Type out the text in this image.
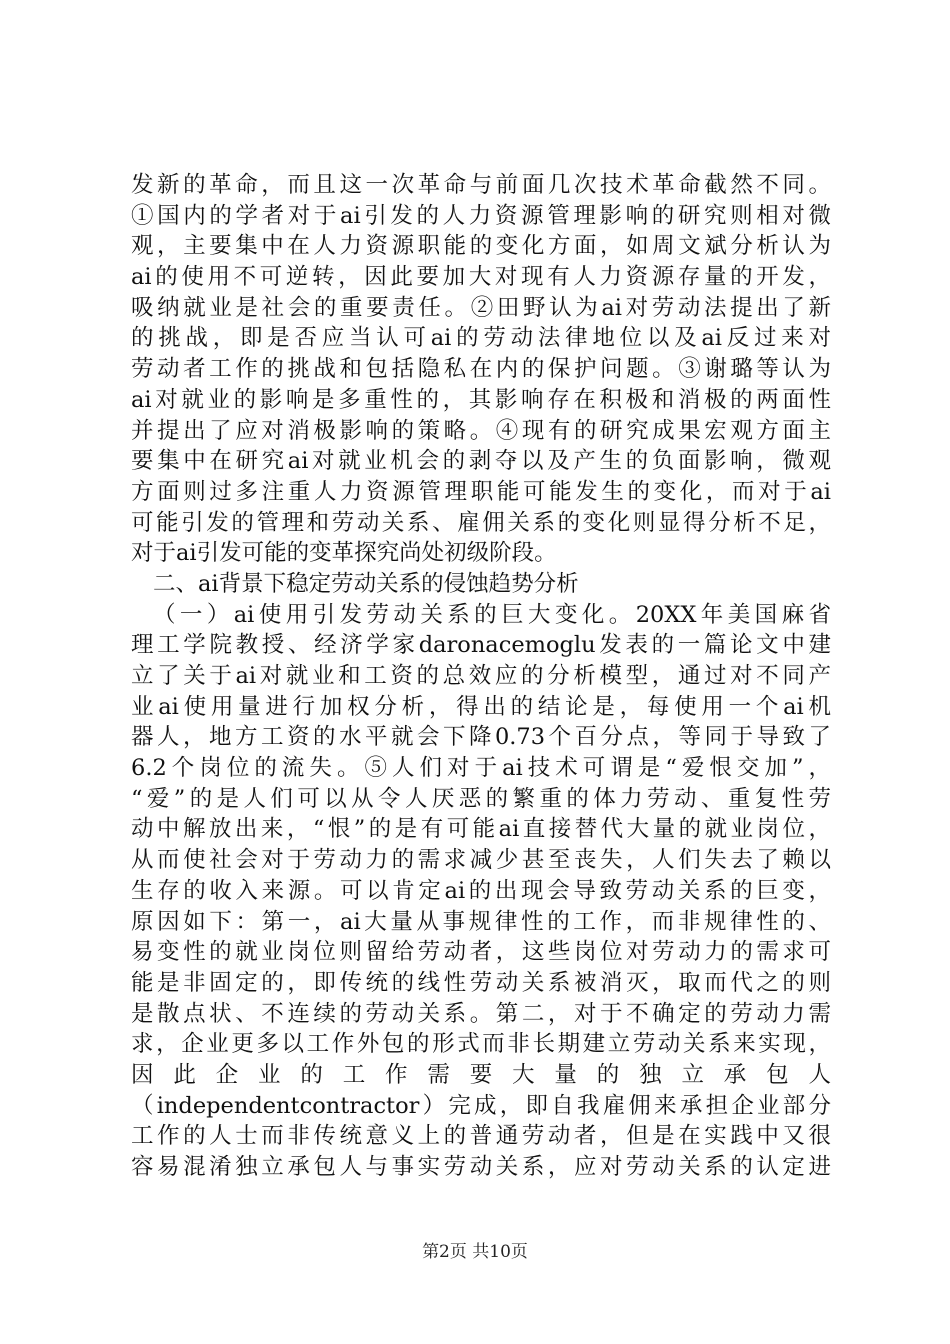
发新的革命，而且这一次革命与前面几次技术革命截然不同。
①国内的学者对于ai引发的人力资源管理影响的研究则相对微
观，主要集中在人力资源职能的变化方面，如周文斌分析认为
ai的使用不可逆转，因此要加大对现有人力资源存量的开发，
吸纳就业是社会的重要责任。②田野认为ai对劳动法提出了新
的挑战，即是否应当认可ai的劳动法律地位以及ai反过来对
劳动者工作的挑战和包括隐私在内的保护问题。③谢璐等认为
ai对就业的影响是多重性的，其影响存在积极和消极的两面性
并提出了应对消极影响的策略。④现有的研究成果宏观方面主
要集中在研究ai对就业机会的剥夺以及产生的负面影响，微观
方面则过多注重人力资源管理职能可能发生的变化，而对于ai
可能引发的管理和劳动关系、雇佣关系的变化则显得分析不足，
对于ai引发可能的变革探究尚处初级阶段。
二、ai背景下稳定劳动关系的侵蚀趋势分析
（一）ai使用引发劳动关系的巨大变化。20XX年美国麻省
理工学院教授、经济学家daronacemoglu发表的一篇论文中建
立了关于ai对就业和工资的总效应的分析模型，通过对不同产
业ai使用量进行加权分析，得出的结论是，每使用一个ai机
器人，地方工资的水平就会下降0.73个百分点，等同于导致了
6.2个岗位的流失。⑤人们对于ai技术可谓是“爱恨交加”，
“爱”的是人们可以从令人厌恶的繁重的体力劳动、重复性劳
动中解放出来，“恨”的是有可能ai直接替代大量的就业岗位，
从而使社会对于劳动力的需求减少甚至丧失，人们失去了赖以
生存的收入来源。可以肯定ai的出现会导致劳动关系的巨变，
原因如下：第一，ai大量从事规律性的工作，而非规律性的、
易变性的就业岗位则留给劳动者，这些岗位对劳动力的需求可
能是非固定的，即传统的线性劳动关系被消灭，取而代之的则
是散点状、不连续的劳动关系。第二，对于不确定的劳动力需
求，企业更多以工作外包的形式而非长期建立劳动关系来实现，
因此企业的工作需要大量的独立承包人
（independentcontractor）完成，即自我雇佣来承担企业部分
工作的人士而非传统意义上的普通劳动者，但是在实践中又很
容易混淆独立承包人与事实劳动关系，应对劳动关系的认定进
第2页 共10页
